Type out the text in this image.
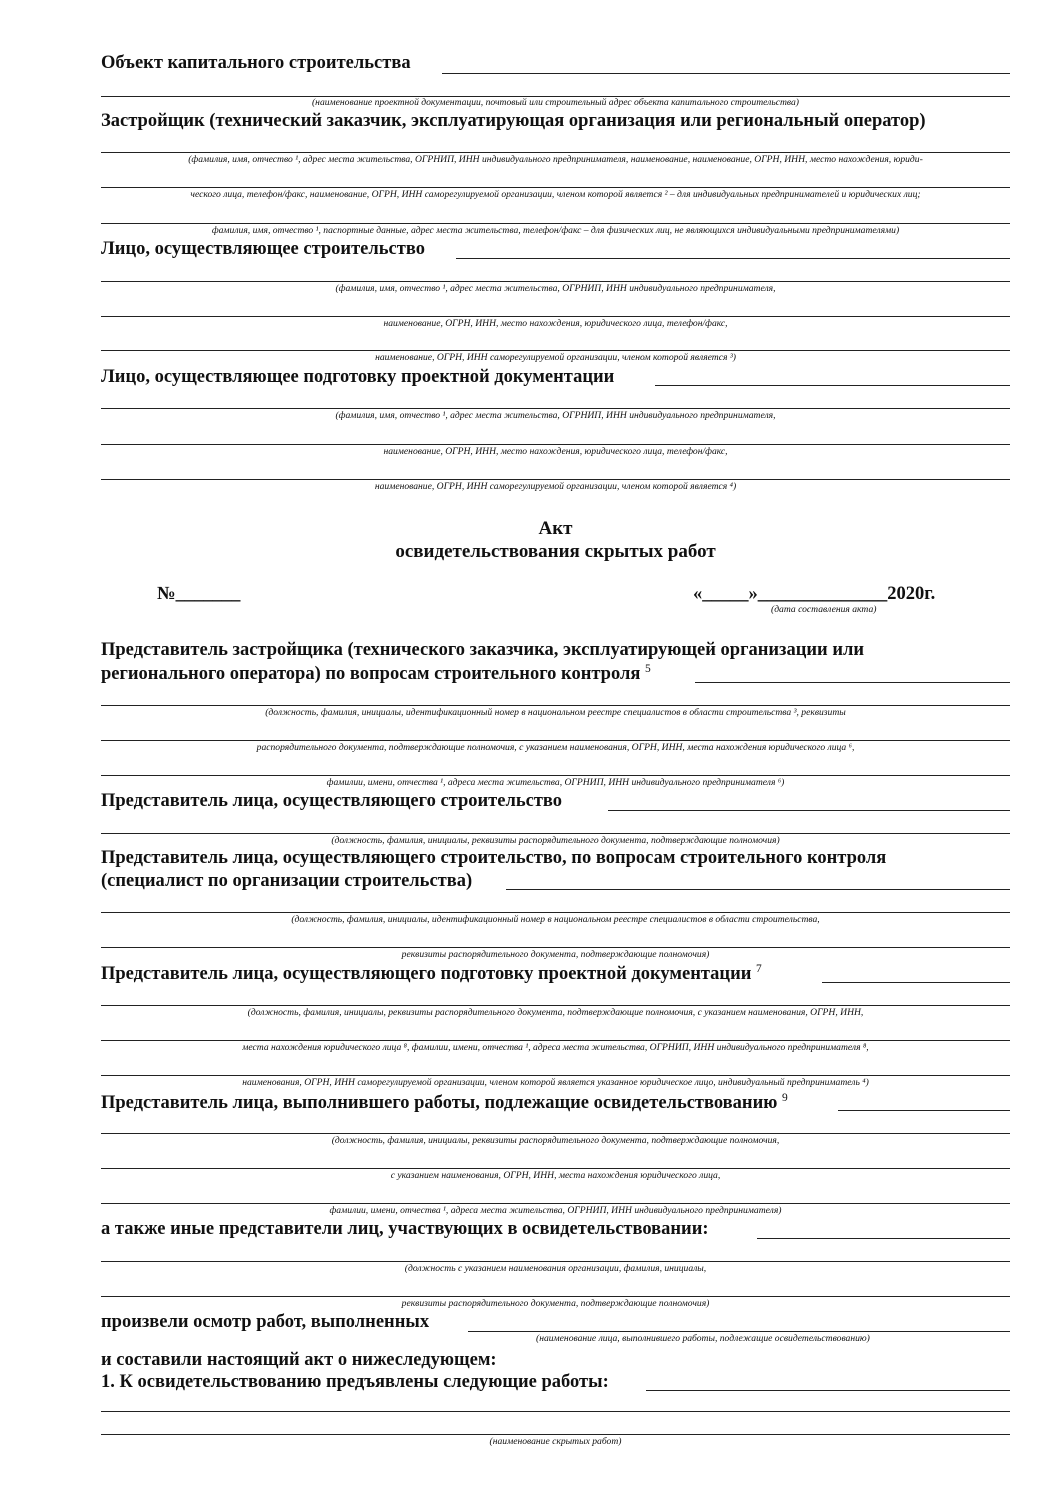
Объект капитального строительства
(наименование проектной документации, почтовый или строительный адрес объекта капитального строительства)
Застройщик (технический заказчик, эксплуатирующая организация или региональный оператор)
(фамилия, имя, отчество ¹, адрес места жительства, ОГРНИП, ИНН индивидуального предпринимателя, наименование, наименование, ОГРН, ИНН, место нахождения, юриди-
ческого лица, телефон/факс, наименование, ОГРН, ИНН саморегулируемой организации, членом которой является ² – для индивидуальных предпринимателей и юридических лиц;
фамилия, имя, отчество ¹, паспортные данные, адрес места жительства, телефон/факс – для физических лиц, не являющихся индивидуальными предпринимателями)
Лицо, осуществляющее строительство
(фамилия, имя, отчество ¹, адрес места жительства, ОГРНИП, ИНН индивидуального предпринимателя,
наименование, ОГРН, ИНН, место нахождения, юридического лица, телефон/факс,
наименование, ОГРН, ИНН саморегулируемой организации, членом которой является ³)
Лицо, осуществляющее подготовку проектной документации
(фамилия, имя, отчество ¹, адрес места жительства, ОГРНИП, ИНН индивидуального предпринимателя,
наименование, ОГРН, ИНН, место нахождения, юридического лица, телефон/факс,
наименование, ОГРН, ИНН саморегулируемой организации, членом которой является ⁴)
Акт
освидетельствования скрытых работ
№_______	«_____»______________2020г.
(дата составления акта)
Представитель застройщика (технического заказчика, эксплуатирующей организации или
регионального оператора) по вопросам строительного контроля $^5$
(должность, фамилия, инициалы, идентификационный номер в национальном реестре специалистов в области строительства ³, реквизиты
распорядительного документа, подтверждающие полномочия, с указанием наименования, ОГРН, ИНН, места нахождения юридического лица ⁶,
фамилии, имени, отчества ¹, адреса места жительства, ОГРНИП, ИНН индивидуального предпринимателя ⁶)
Представитель лица, осуществляющего строительство
(должность, фамилия, инициалы, реквизиты распорядительного документа, подтверждающие полномочия)
Представитель лица, осуществляющего строительство, по вопросам строительного контроля
(специалист по организации строительства)
(должность, фамилия, инициалы, идентификационный номер в национальном реестре специалистов в области строительства,
реквизиты распорядительного документа, подтверждающие полномочия)
Представитель лица, осуществляющего подготовку проектной документации $^7$
(должность, фамилия, инициалы, реквизиты распорядительного документа, подтверждающие полномочия, с указанием наименования, ОГРН, ИНН,
места нахождения юридического лица ⁸, фамилии, имени, отчества ¹, адреса места жительства, ОГРНИП, ИНН индивидуального предпринимателя ⁸,
наименования, ОГРН, ИНН саморегулируемой организации, членом которой является указанное юридическое лицо, индивидуальный предприниматель ⁴)
Представитель лица, выполнившего работы, подлежащие освидетельствованию $^9$
(должность, фамилия, инициалы, реквизиты распорядительного документа, подтверждающие полномочия,
с указанием наименования, ОГРН, ИНН, места нахождения юридического лица,
фамилии, имени, отчества ¹, адреса места жительства, ОГРНИП, ИНН индивидуального предпринимателя)
а также иные представители лиц, участвующих в освидетельствовании:
(должность с указанием наименования организации, фамилия, инициалы,
реквизиты распорядительного документа, подтверждающие полномочия)
произвели осмотр работ, выполненных
(наименование лица, выполнившего работы, подлежащие освидетельствованию)
и составили настоящий акт о нижеследующем:
1. К освидетельствованию предъявлены следующие работы:
(наименование скрытых работ)
